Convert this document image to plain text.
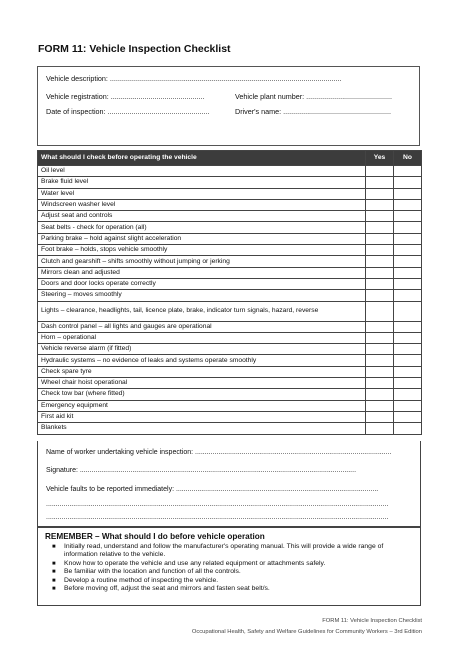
FORM 11: Vehicle Inspection Checklist
Vehicle description: ....................................................................................................................
Vehicle registration: ...............................................	Vehicle plant number: ...........................................
Date of inspection: ...................................................	Driver's name: ......................................................
What should I check before operating the vehicle	Yes	No
Oil level		
Brake fluid level		
Water level		
Windscreen washer level		
Adjust seat and controls		
Seat belts - check for operation (all)		
Parking brake – hold against slight acceleration		
Foot brake – holds, stops vehicle smoothly		
Clutch and gearshift – shifts smoothly without jumping or jerking		
Mirrors clean and adjusted		
Doors and door locks operate correctly		
Steering – moves smoothly		
Lights – clearance, headlights, tail, licence plate, brake, indicator turn signals, hazard, reverse		
Dash control panel – all lights and gauges are operational		
Horn – operational		
Vehicle reverse alarm (if fitted)		
Hydraulic systems – no evidence of leaks and systems operate smoothly		
Check spare tyre		
Wheel chair hoist operational		
Check tow bar (where fitted)		
Emergency equipment		
First aid kit		
Blankets		
Name of worker undertaking vehicle inspection: .....................................................................................................
Signature: ..............................................................................................................................................
Vehicle faults to be reported immediately: ........................................................................................................
................................................................................................................................................................................
................................................................................................................................................................................
REMEMBER – What should I do before vehicle operation
■ Initially read, understand and follow the manufacturer's operating manual. This will provide a wide range of information relative to the vehicle.
■ Know how to operate the vehicle and use any related equipment or attachments safely.
■ Be familiar with the location and function of all the controls.
■ Develop a routine method of inspecting the vehicle.
■ Before moving off, adjust the seat and mirrors and fasten seat belt/s.
FORM 11: Vehicle Inspection Checklist
Occupational Health, Safety and Welfare Guidelines for Community Workers – 3rd Edition
